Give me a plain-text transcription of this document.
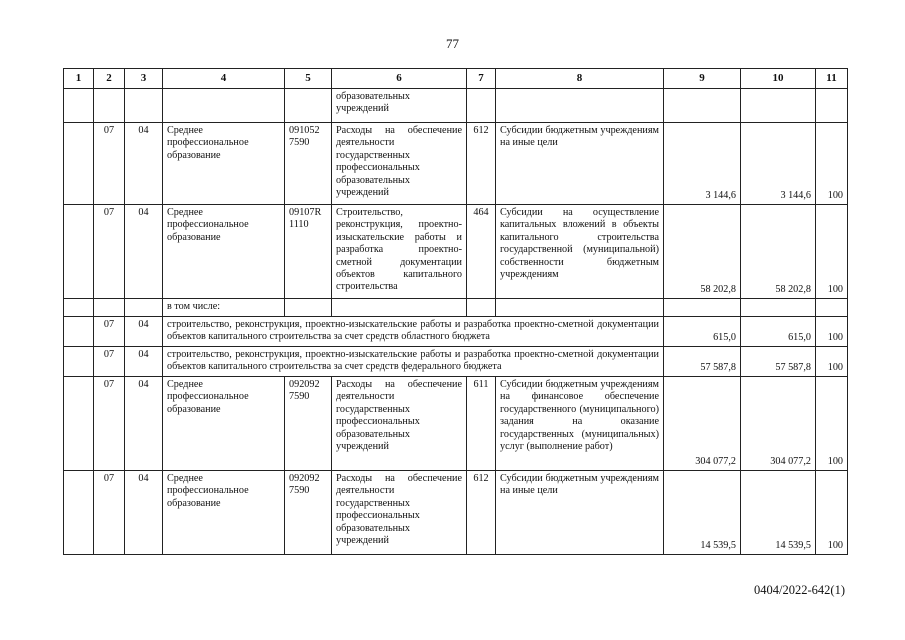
77
1	2	3	4	5	6	7	8	9	10	11
					образовательных учреждений					
	07	04	Среднее профессиональное образование	091052 7590	Расходы на обеспечение деятельности государственных профессиональных образовательных учреждений	612	Субсидии бюджетным учреждениям на иные цели	3 144,6	3 144,6	100
	07	04	Среднее профессиональное образование	09107R 1110	Строительство, реконструкция, проектно-изыскательские работы и разработка проектно-сметной документации объектов капитального строительства	464	Субсидии на осуществление капитальных вложений в объекты капитального строительства государственной (муниципальной) собственности бюджетным учреждениям	58 202,8	58 202,8	100
			в том числе:							
	07	04	строительство, реконструкция, проектно-изыскательские работы и разработка проектно-сметной документации объектов капитального строительства за счет средств областного бюджета					615,0	615,0	100
	07	04	строительство, реконструкция, проектно-изыскательские работы и разработка проектно-сметной документации объектов капитального строительства за счет средств федерального бюджета					57 587,8	57 587,8	100
	07	04	Среднее профессиональное образование	092092 7590	Расходы на обеспечение деятельности государственных профессиональных образовательных учреждений	611	Субсидии бюджетным учреждениям на финансовое обеспечение государственного (муниципального) задания на оказание государственных (муниципальных) услуг (выполнение работ)	304 077,2	304 077,2	100
	07	04	Среднее профессиональное образование	092092 7590	Расходы на обеспечение деятельности государственных профессиональных образовательных учреждений	612	Субсидии бюджетным учреждениям на иные цели	14 539,5	14 539,5	100
0404/2022-642(1)
